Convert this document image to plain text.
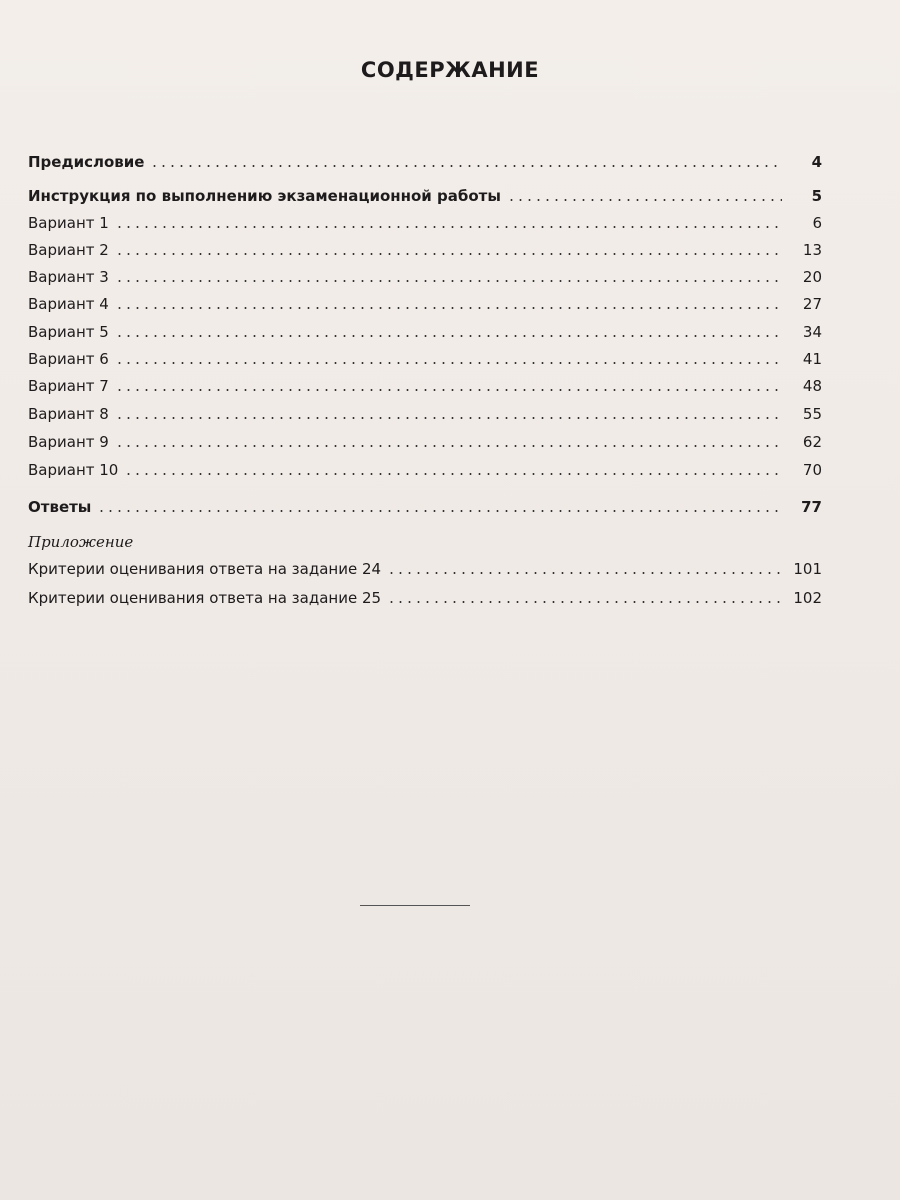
СОДЕРЖАНИЕ
Предисловие	4
Инструкция по выполнению экзаменационной работы	5
Вариант 1	6
Вариант 2	13
Вариант 3	20
Вариант 4	27
Вариант 5	34
Вариант 6	41
Вариант 7	48
Вариант 8	55
Вариант 9	62
Вариант 10	70
Ответы	77
Критерии оценивания ответа на задание 24	101
Критерии оценивания ответа на задание 25	102
Приложение
